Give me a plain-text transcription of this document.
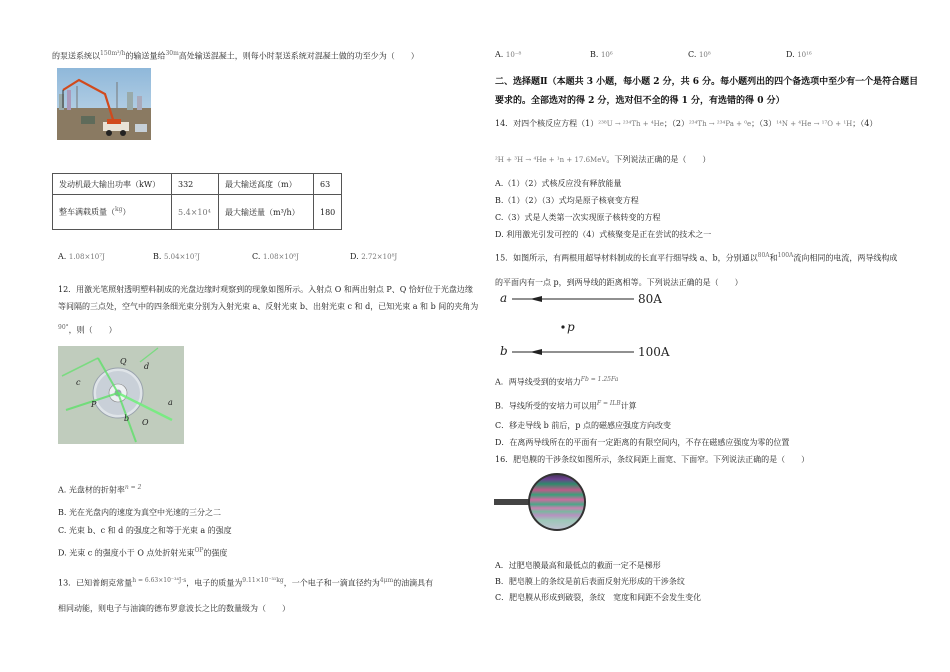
的泵送系统以$^{150m^3/h}$的输送量给$^{30m}$高处输送混凝土，则每小时泵送系统对混凝土做的功至少为（　　）
发动机最大输出功率（kW）	332	最大输送高度（m）	63
整车满载质量（$^{kg}$）	5.4×10⁴	最大输送量（m³/h）	180
A. 1.08×10⁷J	B. 5.04×10⁷J	C. 1.08×10⁸J	D. 2.72×10⁸J
12．用激光笔照射透明塑料制成的光盘边缘时观察到的现象如图所示。入射点 O 和两出射点 P、Q 恰好位于光盘边缘
等间隔的三点处，空气中的四条细光束分别为入射光束 a、反射光束 b、出射光束 c 和 d，已知光束 a 和 b 间的夹角为
$^{90^\circ}$，则（　　）
Q
d
c
P	a
b O
A. 光盘材的折射率$^{n = 2}$
B. 光在光盘内的速度为真空中光速的三分之二
C. 光束 b、c 和 d 的强度之和等于光束 a 的强度
D. 光束 c 的强度小于 O 点处折射光束$^{OP}$的强度
13．已知普朗克常量$^{h = 6.63\times 10^{-34}J\cdot s}$，电子的质量为$^{9.11\times 10^{-31}kg}$，一个电子和一滴直径约为$^{4\mu m}$的油滴具有
相同动能，则电子与油滴的德布罗意波长之比的数量级为（　　）
A. 10⁻⁸	B. 10⁶	C. 10⁸	D. 10¹⁶
二、选择题Ⅱ（本题共 3 小题，每小题 2 分，共 6 分。每小题列出的四个备选项中至少有一个是符合题目
要求的。全部选对的得 2 分，选对但不全的得 1 分，有选错的得 0 分）
14．对四个核反应方程（1）²³⁸U → ²³⁴Th + ⁴He；（2）²³⁴Th → ²³⁴Pa + ⁰e；（3）¹⁴N + ⁴He → ¹⁷O + ¹H；（4）
²H + ³H → ⁴He + ¹n + 17.6MeV。下列说法正确的是（　　）
A.（1）（2）式核反应没有释放能量
B.（1）（2）（3）式均是原子核衰变方程
C.（3）式是人类第一次实现原子核转变的方程
D. 利用激光引发可控的（4）式核聚变是正在尝试的技术之一
15．如图所示，有两根用超导材料制成的长直平行细导线 a、b，分别通以$^{80A}$和$^{100A}$流向相同的电流，两导线构成
的平面内有一点 p，到两导线的距离相等。下列说法正确的是（　　）
a	80A
p
b	100A
A．两导线受到的安培力$^{Fb = 1.25Fa}$
B．导线所受的安培力可以用$^{F = ILB}$计算
C．移走导线 b 前后，p 点的磁感应强度方向改变
D．在离两导线所在的平面有一定距离的有限空间内，不存在磁感应强度为零的位置
16．肥皂膜的干涉条纹如图所示，条纹间距上面宽、下面窄。下列说法正确的是（　　）
A．过肥皂膜最高和最低点的截面一定不是梯形
B．肥皂膜上的条纹是前后表面反射光形成的干涉条纹
C．肥皂膜从形成到破裂，条纹　宽度和间距不会发生变化
